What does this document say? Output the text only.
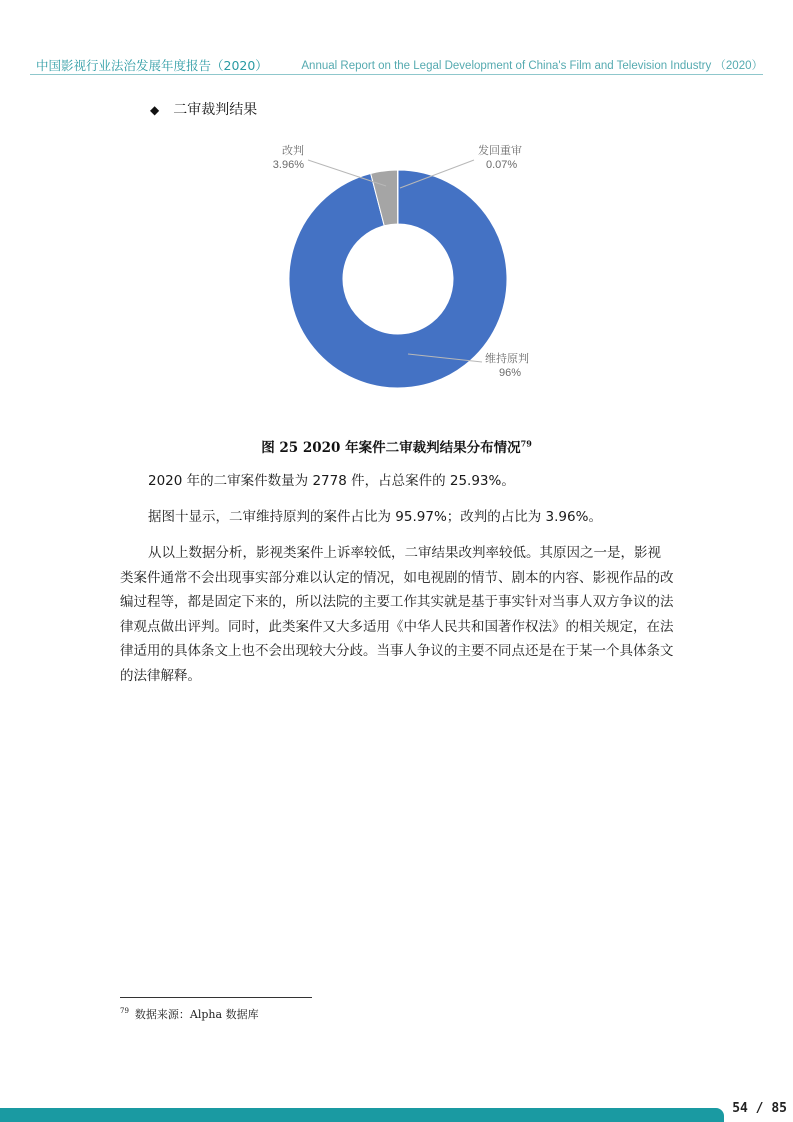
中国影视行业法治发展年度报告（2020）	Annual Report on the Legal Development of China's Film and Television Industry （2020）
◆ 二审裁判结果
改判
3.96%
发回重审
0.07%
维持原判
96%
图 25 2020 年案件二审裁判结果分布情况$^{79}$
2020 年的二审案件数量为 2778 件，占总案件的 25.93%。
据图十显示，二审维持原判的案件占比为 95.97%；改判的占比为 3.96%。
从以上数据分析，影视类案件上诉率较低，二审结果改判率较低。其原因之一是，影视类案件通常不会出现事实部分难以认定的情况，如电视剧的情节、剧本的内容、影视作品的改编过程等，都是固定下来的，所以法院的主要工作其实就是基于事实针对当事人双方争议的法律观点做出评判。同时，此类案件又大多适用《中华人民共和国著作权法》的相关规定，在法律适用的具体条文上也不会出现较大分歧。当事人争议的主要不同点还是在于某一个具体条文的法律解释。
$^{79}$ 数据来源：Alpha 数据库
54 / 85
